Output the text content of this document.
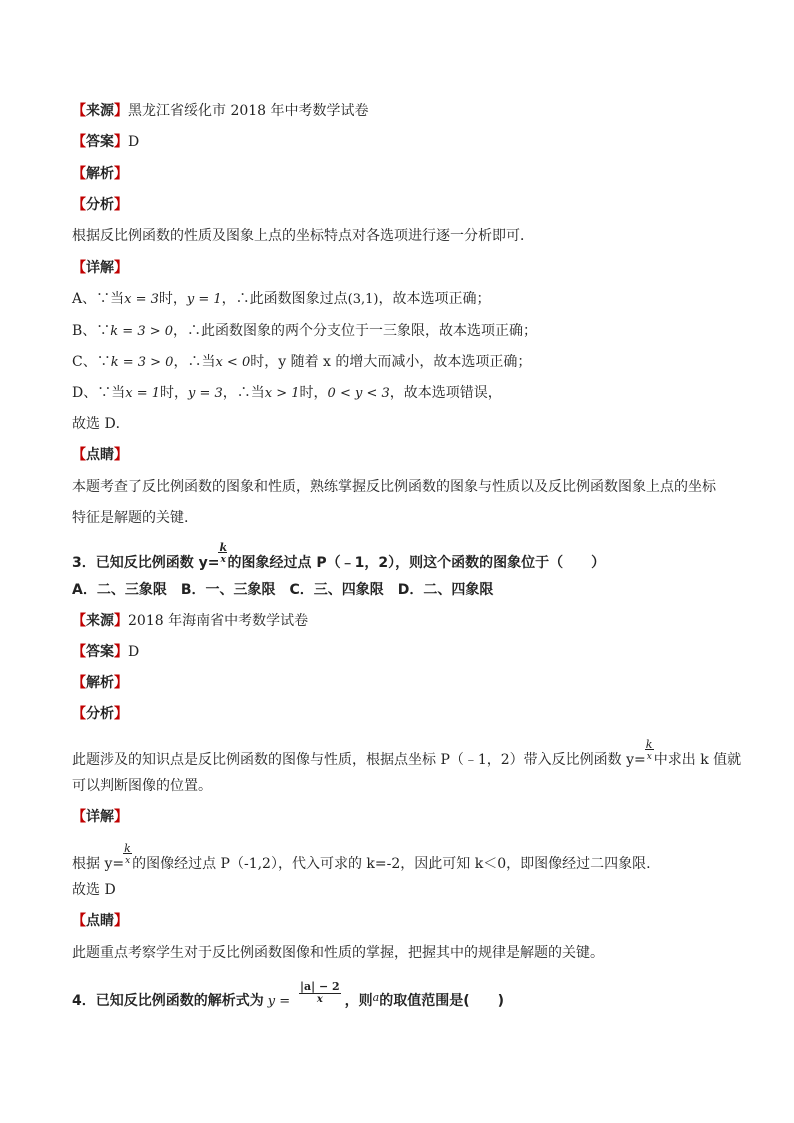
【来源】黑龙江省绥化市 2018 年中考数学试卷
【答案】D
【解析】
【分析】
根据反比例函数的性质及图象上点的坐标特点对各选项进行逐一分析即可．
【详解】
A、∵当x = 3时，y = 1，∴此函数图象过点(3,1)，故本选项正确；
B、∵k = 3 > 0，∴此函数图象的两个分支位于一三象限，故本选项正确；
C、∵k = 3 > 0，∴当x < 0时，y 随着 x 的增大而减小，故本选项正确；
D、∵当x = 1时，y = 3，∴当x > 1时，0 < y < 3，故本选项错误，
故选 D．
【点睛】
本题考查了反比例函数的图象和性质，熟练掌握反比例函数的图象与性质以及反比例函数图象上点的坐标
特征是解题的关键.
3．已知反比例函数 y=
k
x 的图象经过点 P（﹣1，2），则这个函数的图象位于（　　）
A．二、三象限　B．一、三象限　C．三、四象限　D．二、四象限
【来源】2018 年海南省中考数学试卷
【答案】D
【解析】
【分析】
此题涉及的知识点是反比例函数的图像与性质，根据点坐标 P（﹣1，2）带入反比例函数 y=
k
x 中求出 k 值就
可以判断图像的位置。
【详解】
根据 y=
k
x 的图像经过点 P（-1,2），代入可求的 k=-2，因此可知 k＜0，即图像经过二四象限.
故选 D
【点睛】
此题重点考察学生对于反比例函数图像和性质的掌握，把握其中的规律是解题的关键。
4．已知反比例函数的解析式为 $y = \frac{|a| - 2}{x}$ ，则$^a$的取值范围是(　　)
